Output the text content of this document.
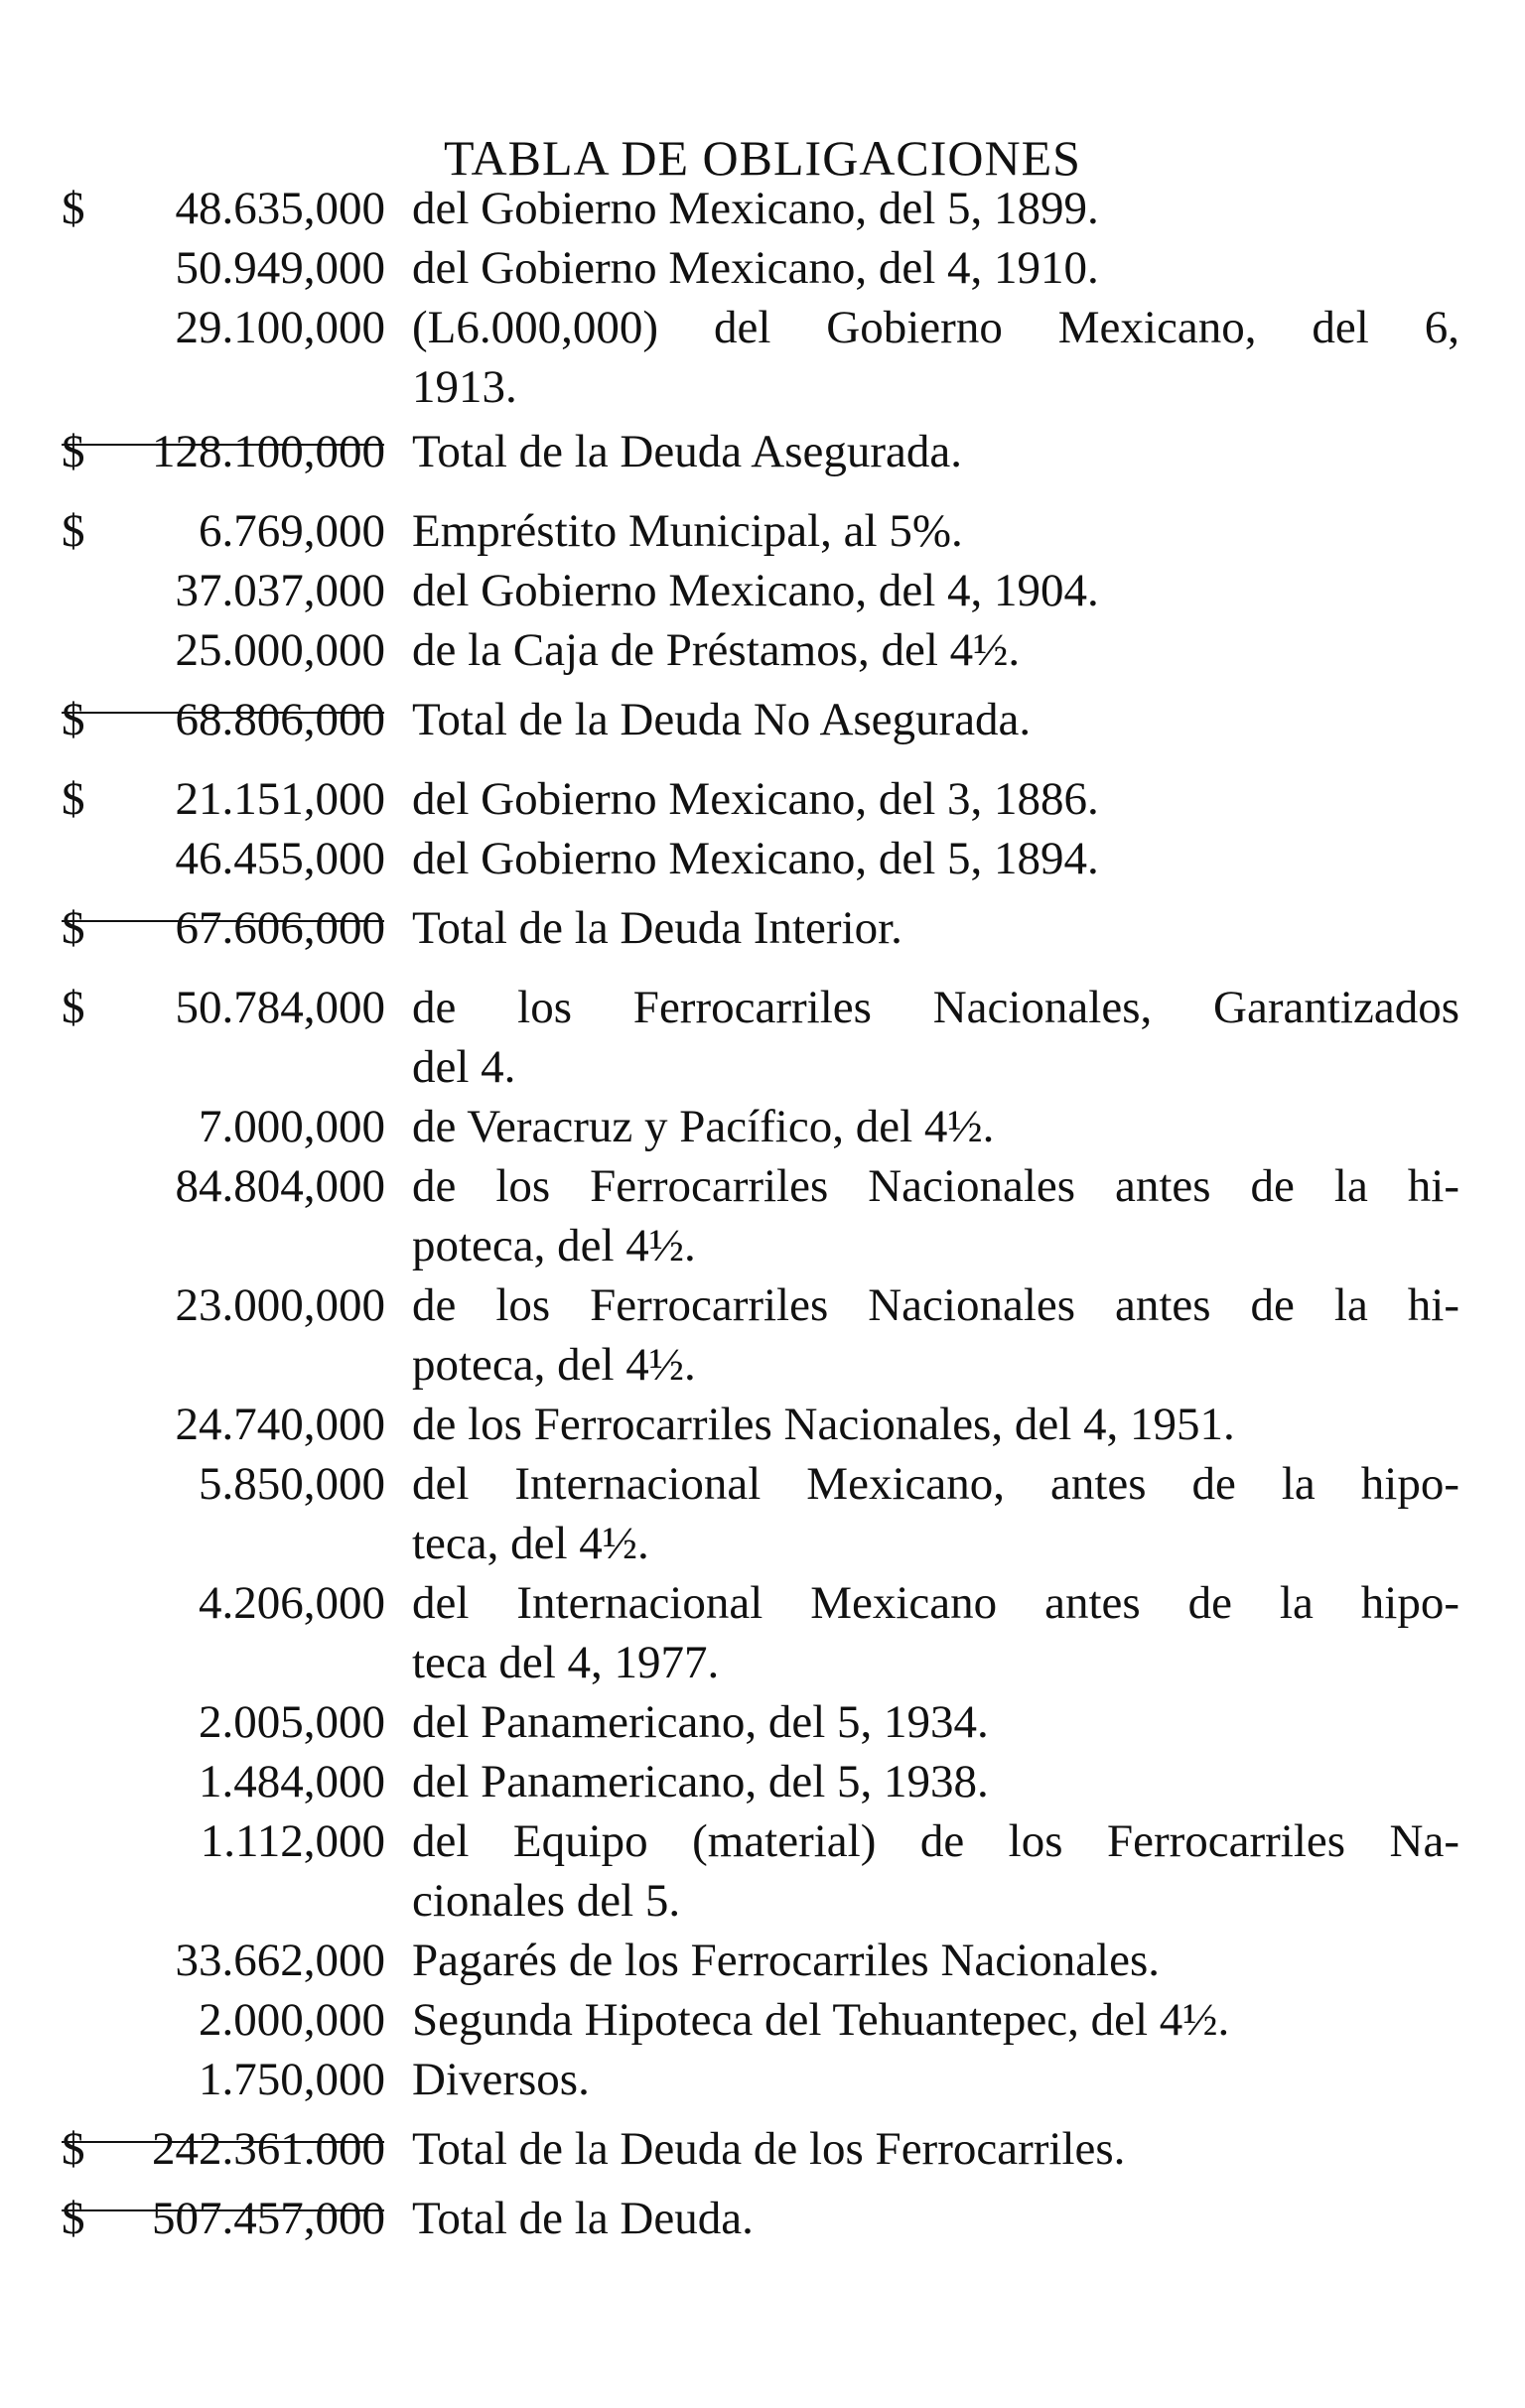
TABLA DE OBLIGACIONES
$	48.635,000 del Gobierno Mexicano, del 5, 1899.
50.949,000 del Gobierno Mexicano, del 4, 1910.
29.100,000 (L6.000,000) del Gobierno Mexicano, del 6,
1913.
$	128.100,000 Total de la Deuda Asegurada.
$	6.769,000 Empréstito Municipal, al 5%.
37.037,000 del Gobierno Mexicano, del 4, 1904.
25.000,000 de la Caja de Préstamos, del 4½.
$	68.806,000 Total de la Deuda No Asegurada.
$	21.151,000 del Gobierno Mexicano, del 3, 1886.
46.455,000 del Gobierno Mexicano, del 5, 1894.
$	67.606,000 Total de la Deuda Interior.
$	50.784,000 de los Ferrocarriles Nacionales, Garantizados
del 4.
7.000,000 de Veracruz y Pacífico, del 4½.
84.804,000 de los Ferrocarriles Nacionales antes de la hi-
poteca, del 4½.
23.000,000 de los Ferrocarriles Nacionales antes de la hi-
poteca, del 4½.
24.740,000 de los Ferrocarriles Nacionales, del 4, 1951.
5.850,000 del Internacional Mexicano, antes de la hipo-
teca, del 4½.
4.206,000 del Internacional Mexicano antes de la hipo-
teca del 4, 1977.
2.005,000 del Panamericano, del 5, 1934.
1.484,000 del Panamericano, del 5, 1938.
1.112,000 del Equipo (material) de los Ferrocarriles Na-
cionales del 5.
33.662,000 Pagarés de los Ferrocarriles Nacionales.
2.000,000 Segunda Hipoteca del Tehuantepec, del 4½.
1.750,000 Diversos.
$	242.361.000 Total de la Deuda de los Ferrocarriles.
$	507.457,000 Total de la Deuda.
